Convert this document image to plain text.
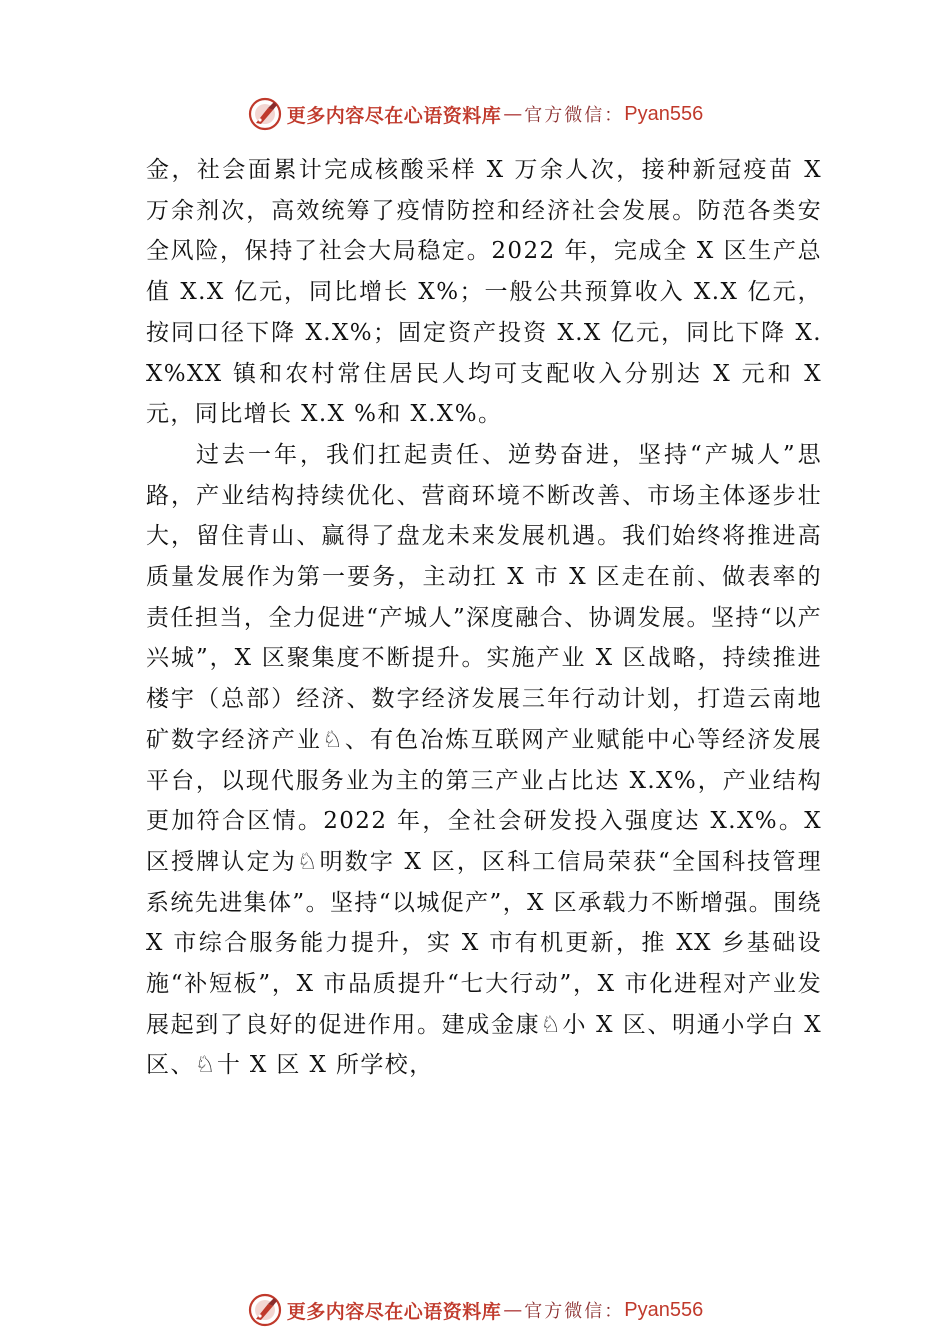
更多内容尽在心语资料库 — 官方微信： Pyan556

金，社会面累计完成核酸采样 X 万余人次，接种新冠疫苗 X 万余剂次，高效统筹了疫情防控和经济社会发展。防范各类安全风险，保持了社会大局稳定。2022 年，完成全 X 区生产总值 X.X 亿元，同比增长 X%；一般公共预算收入 X.X 亿元，按同口径下降 X.X%；固定资产投资 X.X 亿元，同比下降 X.X%XX 镇和农村常住居民人均可支配收入分别达 X 元和 X 元，同比增长 X.X %和 X.X%。

过去一年，我们扛起责任、逆势奋进，坚持“产城人”思路，产业结构持续优化、营商环境不断改善、市场主体逐步壮大，留住青山、赢得了盘龙未来发展机遇。我们始终将推进高质量发展作为第一要务，主动扛 X 市 X 区走在前、做表率的责任担当，全力促进“产城人”深度融合、协调发展。坚持“以产兴城”，X 区聚集度不断提升。实施产业 X 区战略，持续推进楼宇（总部）经济、数字经济发展三年行动计划，打造云南地矿数字经济产业♘、有色冶炼互联网产业赋能中心等经济发展平台，以现代服务业为主的第三产业占比达 X.X%，产业结构更加符合区情。2022 年，全社会研发投入强度达 X.X%。X 区授牌认定为♘明数字 X 区，区科工信局荣获“全国科技管理系统先进集体”。坚持“以城促产”，X 区承载力不断增强。围绕 X 市综合服务能力提升，实 X 市有机更新，推 XX 乡基础设施“补短板”，X 市品质提升“七大行动”，X 市化进程对产业发展起到了良好的促进作用。建成金康♘小 X 区、明通小学白 X 区、♘十 X 区 X 所学校，

更多内容尽在心语资料库 — 官方微信： Pyan556
